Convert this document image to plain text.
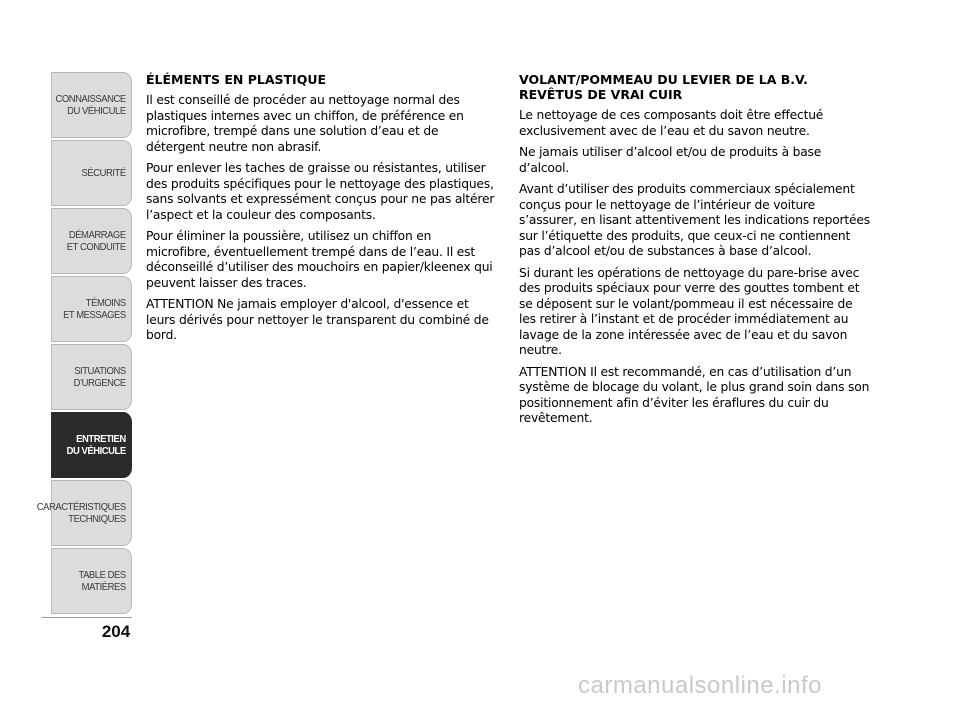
CONNAISSANCE
DU VÉHICULE
SÉCURITÉ
DÉMARRAGE
ET CONDUITE
TÉMOINS
ET MESSAGES
SITUATIONS
D’URGENCE
ENTRETIEN
DU VÉHICULE
CARACTÉRISTIQUES
TECHNIQUES
TABLE DES
MATIÈRES
204
ÉLÉMENTS EN PLASTIQUE

Il est conseillé de procéder au nettoyage normal des plastiques internes avec un chiffon, de préférence en microfibre, trempé dans une solution d’eau et de détergent neutre non abrasif.

Pour enlever les taches de graisse ou résistantes, utiliser des produits spécifiques pour le nettoyage des plastiques, sans solvants et expressément conçus pour ne pas altérer l’aspect et la couleur des composants.

Pour éliminer la poussière, utilisez un chiffon en microfibre, éventuellement trempé dans de l’eau. Il est déconseillé d’utiliser des mouchoirs en papier/kleenex qui peuvent laisser des traces.

ATTENTION Ne jamais employer d'alcool, d'essence et leurs dérivés pour nettoyer le transparent du combiné de bord.

VOLANT/POMMEAU DU LEVIER DE LA B.V. REVÊTUS DE VRAI CUIR

Le nettoyage de ces composants doit être effectué exclusivement avec de l’eau et du savon neutre.

Ne jamais utiliser d’alcool et/ou de produits à base d’alcool.

Avant d’utiliser des produits commerciaux spécialement conçus pour le nettoyage de l’intérieur de voiture s’assurer, en lisant attentivement les indications reportées sur l’étiquette des produits, que ceux-ci ne contiennent pas d’alcool et/ou de substances à base d’alcool.

Si durant les opérations de nettoyage du pare-brise avec des produits spéciaux pour verre des gouttes tombent et se déposent sur le volant/pommeau il est nécessaire de les retirer à l’instant et de procéder immédiatement au lavage de la zone intéressée avec de l’eau et du savon neutre.

ATTENTION Il est recommandé, en cas d’utilisation d’un système de blocage du volant, le plus grand soin dans son positionnement afin d’éviter les éraflures du cuir du revêtement.

carmanualsonline.info
